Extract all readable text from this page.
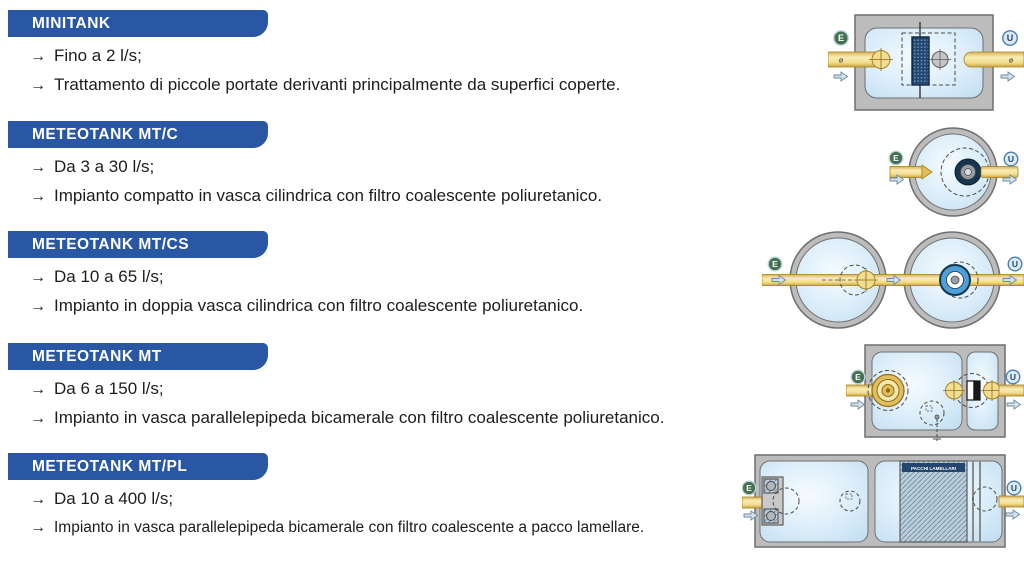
MINITANK
→ Fino a 2 l/s;
→ Trattamento di piccole portate derivanti principalmente da superfici coperte.
E	U
ø	ø
METEOTANK MT/C
→ Da 3 a 30 l/s;
→ Impianto compatto in vasca cilindrica con filtro coalescente poliuretanico.
E	U
METEOTANK MT/CS
→ Da 10 a 65 l/s;
→ Impianto in doppia vasca cilindrica con filtro coalescente poliuretanico.
E	U
METEOTANK MT
→ Da 6 a 150 l/s;
→ Impianto in vasca parallelepipeda bicamerale con filtro coalescente poliuretanico.
E	U
METEOTANK MT/PL
→ Da 10 a 400 l/s;
→ Impianto in vasca parallelepipeda bicamerale con filtro coalescente a pacco lamellare.
PACCHI LAMELLARI
E	U
